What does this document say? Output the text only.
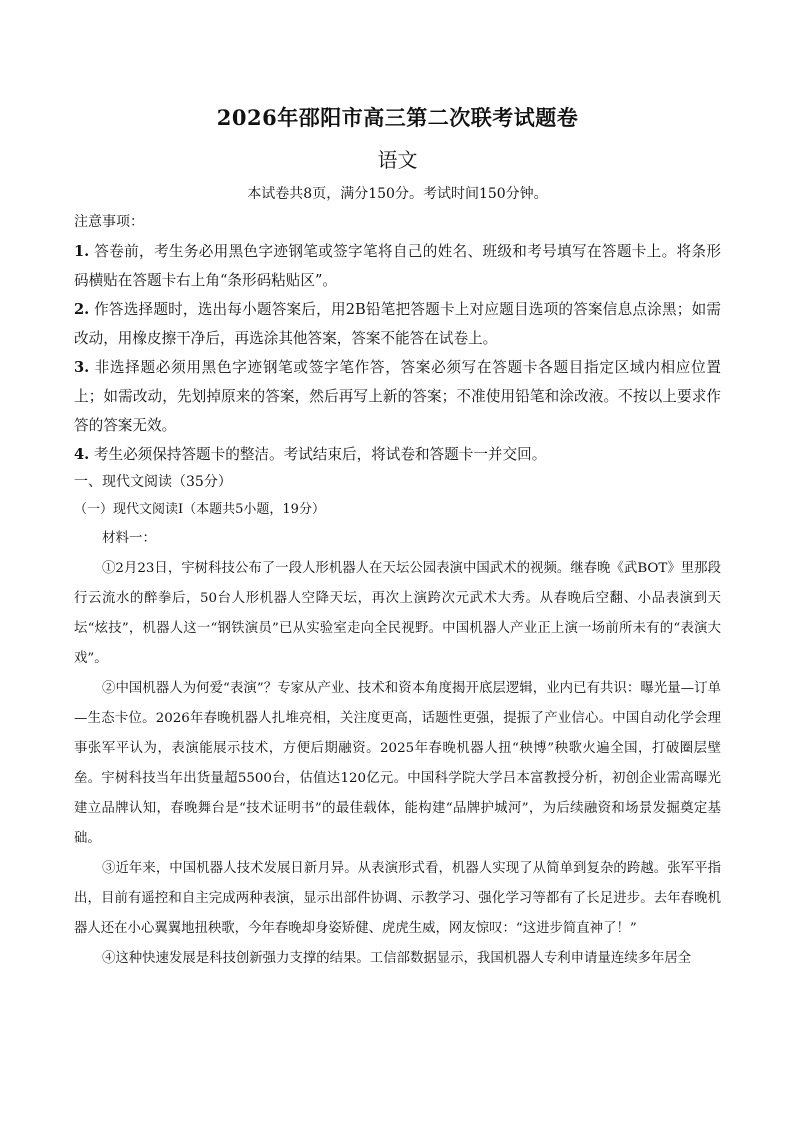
2026年邵阳市高三第二次联考试题卷
语文
本试卷共8页，满分150分。考试时间150分钟。
注意事项：

1. 答卷前，考生务必用黑色字迹钢笔或签字笔将自己的姓名、班级和考号填写在答题卡上。将条形码横贴在答题卡右上角“条形码粘贴区”。

2. 作答选择题时，选出每小题答案后，用2B铅笔把答题卡上对应题目选项的答案信息点涂黑；如需改动，用橡皮擦干净后，再选涂其他答案，答案不能答在试卷上。

3. 非选择题必须用黑色字迹钢笔或签字笔作答，答案必须写在答题卡各题目指定区域内相应位置上；如需改动，先划掉原来的答案，然后再写上新的答案；不准使用铅笔和涂改液。不按以上要求作答的答案无效。

4. 考生必须保持答题卡的整洁。考试结束后，将试卷和答题卡一并交回。

一、现代文阅读（35分）
（一）现代文阅读Ⅰ（本题共5小题，19分）
材料一：

①2月23日，宇树科技公布了一段人形机器人在天坛公园表演中国武术的视频。继春晚《武BOT》里那段行云流水的醉拳后，50台人形机器人空降天坛，再次上演跨次元武术大秀。从春晚后空翻、小品表演到天坛“炫技”，机器人这一“钢铁演员”已从实验室走向全民视野。中国机器人产业正上演一场前所未有的“表演大戏”。

②中国机器人为何爱“表演”？专家从产业、技术和资本角度揭开底层逻辑，业内已有共识：曝光量—订单—生态卡位。2026年春晚机器人扎堆亮相，关注度更高，话题性更强，提振了产业信心。中国自动化学会理事张军平认为，表演能展示技术，方便后期融资。2025年春晚机器人扭“秧博”秧歌火遍全国，打破圈层壁垒。宇树科技当年出货量超5500台，估值达120亿元。中国科学院大学吕本富教授分析，初创企业需高曝光建立品牌认知，春晚舞台是“技术证明书”的最佳载体，能构建“品牌护城河”，为后续融资和场景发掘奠定基础。

③近年来，中国机器人技术发展日新月异。从表演形式看，机器人实现了从简单到复杂的跨越。张军平指出，目前有遥控和自主完成两种表演，显示出部件协调、示教学习、强化学习等都有了长足进步。去年春晚机器人还在小心翼翼地扭秧歌，今年春晚却身姿矫健、虎虎生威，网友惊叹：“这进步简直神了！”

④这种快速发展是科技创新强力支撑的结果。工信部数据显示，我国机器人专利申请量连续多年居全
